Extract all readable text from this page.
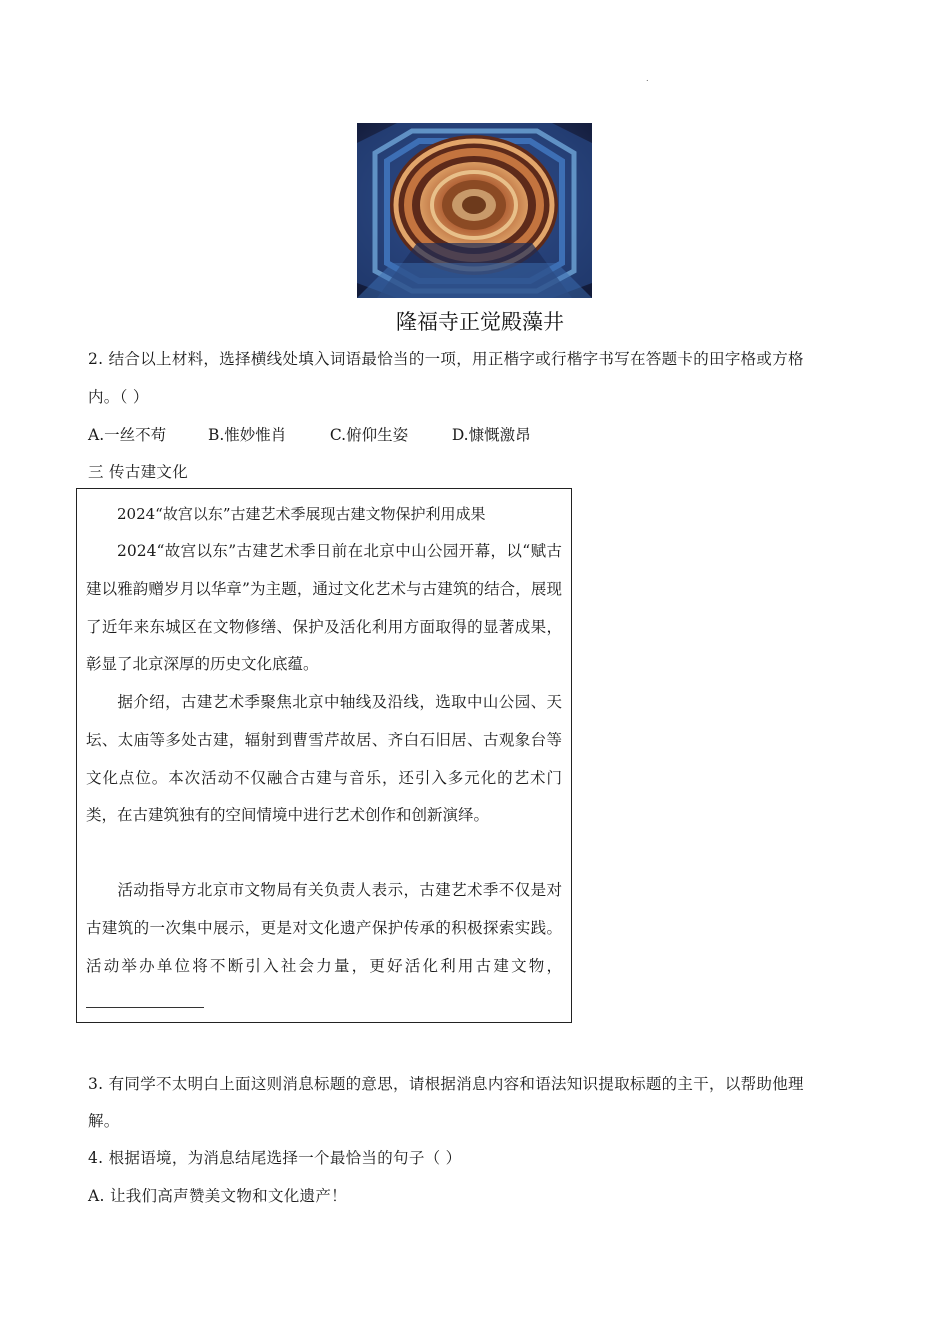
.
隆福寺正觉殿藻井
2. 结合以上材料，选择横线处填入词语最恰当的一项，用正楷字或行楷字书写在答题卡的田字格或方格
内。（ ）
A.一丝不苟	B.惟妙惟肖	C.俯仰生姿	D.慷慨激昂
三 传古建文化
2024“故宫以东”古建艺术季展现古建文物保护利用成果
2024“故宫以东”古建艺术季日前在北京中山公园开幕，以“赋古建以雅韵赠岁月以华章”为主题，通过文化艺术与古建筑的结合，展现了近年来东城区在文物修缮、保护及活化利用方面取得的显著成果，彰显了北京深厚的历史文化底蕴。
据介绍，古建艺术季聚焦北京中轴线及沿线，选取中山公园、天坛、太庙等多处古建，辐射到曹雪芹故居、齐白石旧居、古观象台等文化点位。本次活动不仅融合古建与音乐，还引入多元化的艺术门类，在古建筑独有的空间情境中进行艺术创作和创新演绎。
活动指导方北京市文物局有关负责人表示，古建艺术季不仅是对古建筑的一次集中展示，更是对文化遗产保护传承的积极探索实践。活动举办单位将不断引入社会力量，更好活化利用古建文物，
3. 有同学不太明白上面这则消息标题的意思，请根据消息内容和语法知识提取标题的主干，以帮助他理
解。
4. 根据语境，为消息结尾选择一个最恰当的句子（ ）
A. 让我们高声赞美文物和文化遗产！
